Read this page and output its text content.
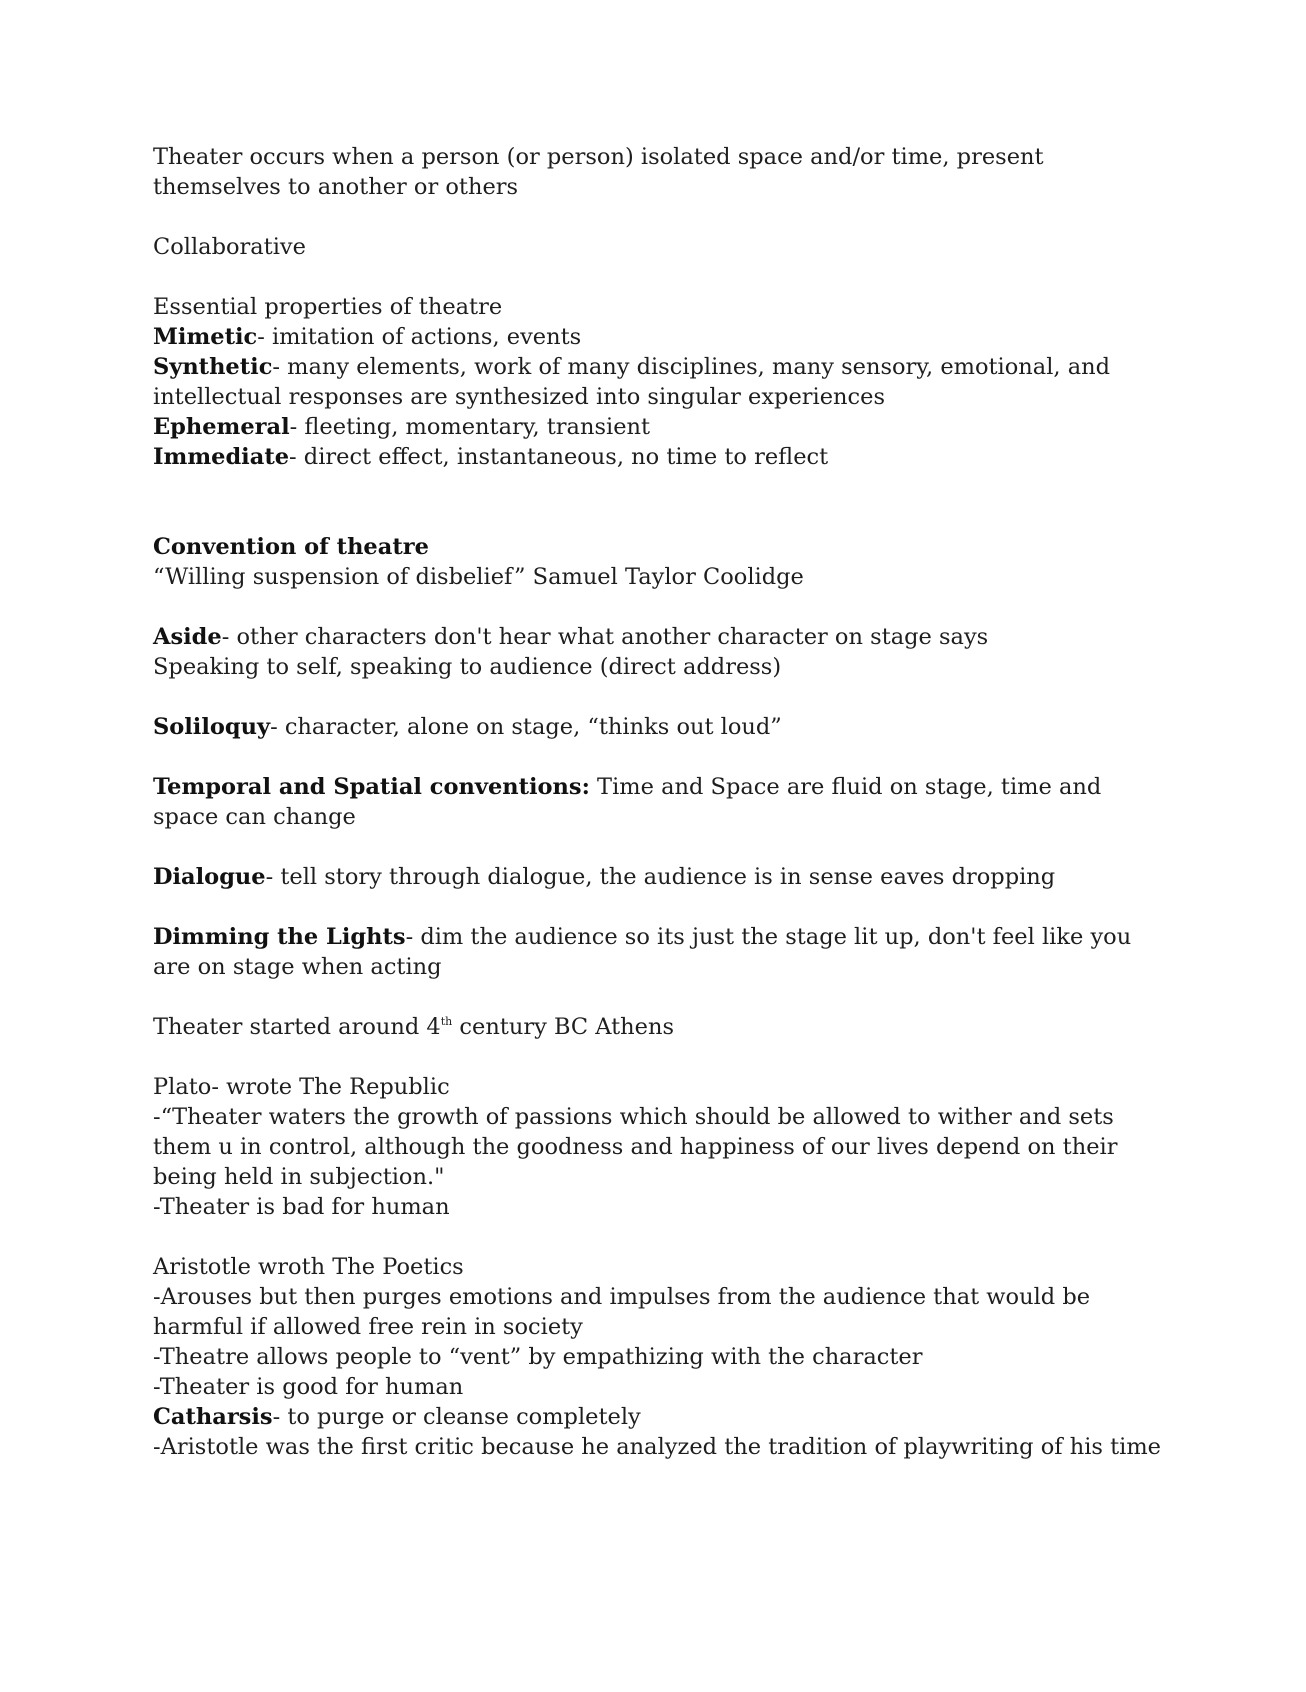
Theater occurs when a person (or person) isolated space and/or time, present themselves to another or others

Collaborative

Essential properties of theatre

Mimetic- imitation of actions, events

Synthetic- many elements, work of many disciplines, many sensory, emotional, and intellectual responses are synthesized into singular experiences

Ephemeral- fleeting, momentary, transient

Immediate- direct effect, instantaneous, no time to reflect

Convention of theatre

“Willing suspension of disbelief” Samuel Taylor Coolidge

Aside- other characters don't hear what another character on stage says

Speaking to self, speaking to audience (direct address)

Soliloquy- character, alone on stage, “thinks out loud”

Temporal and Spatial conventions: Time and Space are fluid on stage, time and space can change

Dialogue- tell story through dialogue, the audience is in sense eaves dropping

Dimming the Lights- dim the audience so its just the stage lit up, don't feel like you are on stage when acting

Theater started around 4th century BC Athens

Plato- wrote The Republic

-“Theater waters the growth of passions which should be allowed to wither and sets them u in control, although the goodness and happiness of our lives depend on their being held in subjection."

-Theater is bad for human

Aristotle wroth The Poetics

-Arouses but then purges emotions and impulses from the audience that would be harmful if allowed free rein in society

-Theatre allows people to “vent” by empathizing with the character

-Theater is good for human

Catharsis- to purge or cleanse completely

-Aristotle was the first critic because he analyzed the tradition of playwriting of his time
